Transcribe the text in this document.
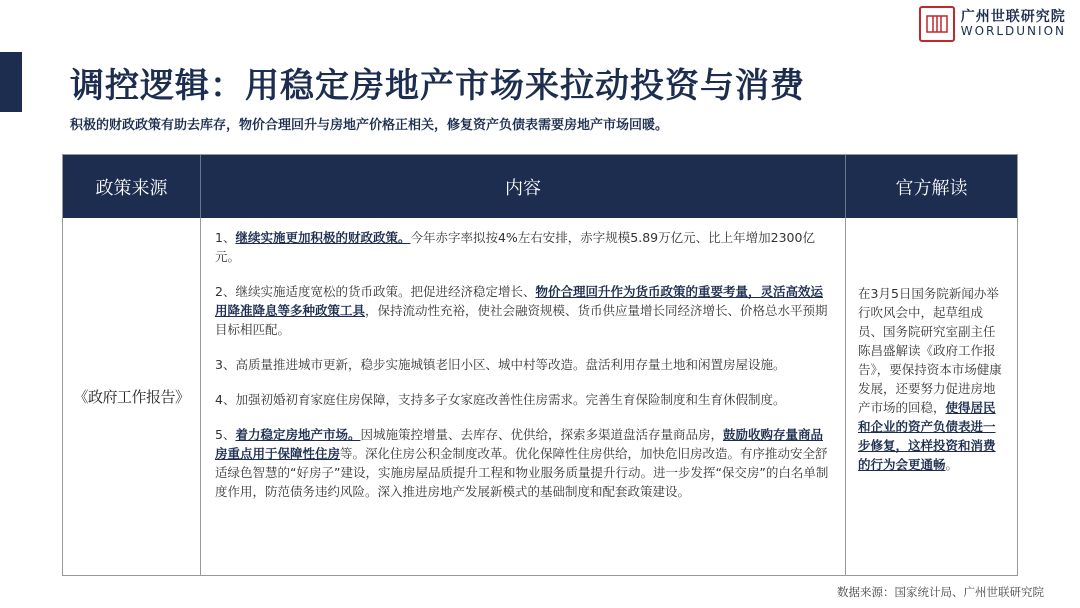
广州世联研究院
WORLDUNION
调控逻辑：用稳定房地产市场来拉动投资与消费
积极的财政政策有助去库存，物价合理回升与房地产价格正相关，修复资产负债表需要房地产市场回暖。
政策来源	内容	官方解读
《政府工作报告》

1、继续实施更加积极的财政政策。今年赤字率拟按4%左右安排，赤字规模5.89万亿元、比上年增加2300亿元。

2、继续实施适度宽松的货币政策。把促进经济稳定增长、物价合理回升作为货币政策的重要考量，灵活高效运用降准降息等多种政策工具，保持流动性充裕，使社会融资规模、货币供应量增长同经济增长、价格总水平预期目标相匹配。

3、高质量推进城市更新，稳步实施城镇老旧小区、城中村等改造。盘活利用存量土地和闲置房屋设施。

4、加强初婚初育家庭住房保障，支持多子女家庭改善性住房需求。完善生育保险制度和生育休假制度。

5、着力稳定房地产市场。因城施策控增量、去库存、优供给，探索多渠道盘活存量商品房，鼓励收购存量商品房重点用于保障性住房等。深化住房公积金制度改革。优化保障性住房供给，加快危旧房改造。有序推动安全舒适绿色智慧的“好房子”建设，实施房屋品质提升工程和物业服务质量提升行动。进一步发挥“保交房”的白名单制度作用，防范债务违约风险。深入推进房地产发展新模式的基础制度和配套政策建设。

在3月5日国务院新闻办举行吹风会中，起草组成员、国务院研究室副主任陈昌盛解读《政府工作报告》，要保持资本市场健康发展，还要努力促进房地产市场的回稳，使得居民和企业的资产负债表进一步修复，这样投资和消费的行为会更通畅。
数据来源：国家统计局、广州世联研究院
